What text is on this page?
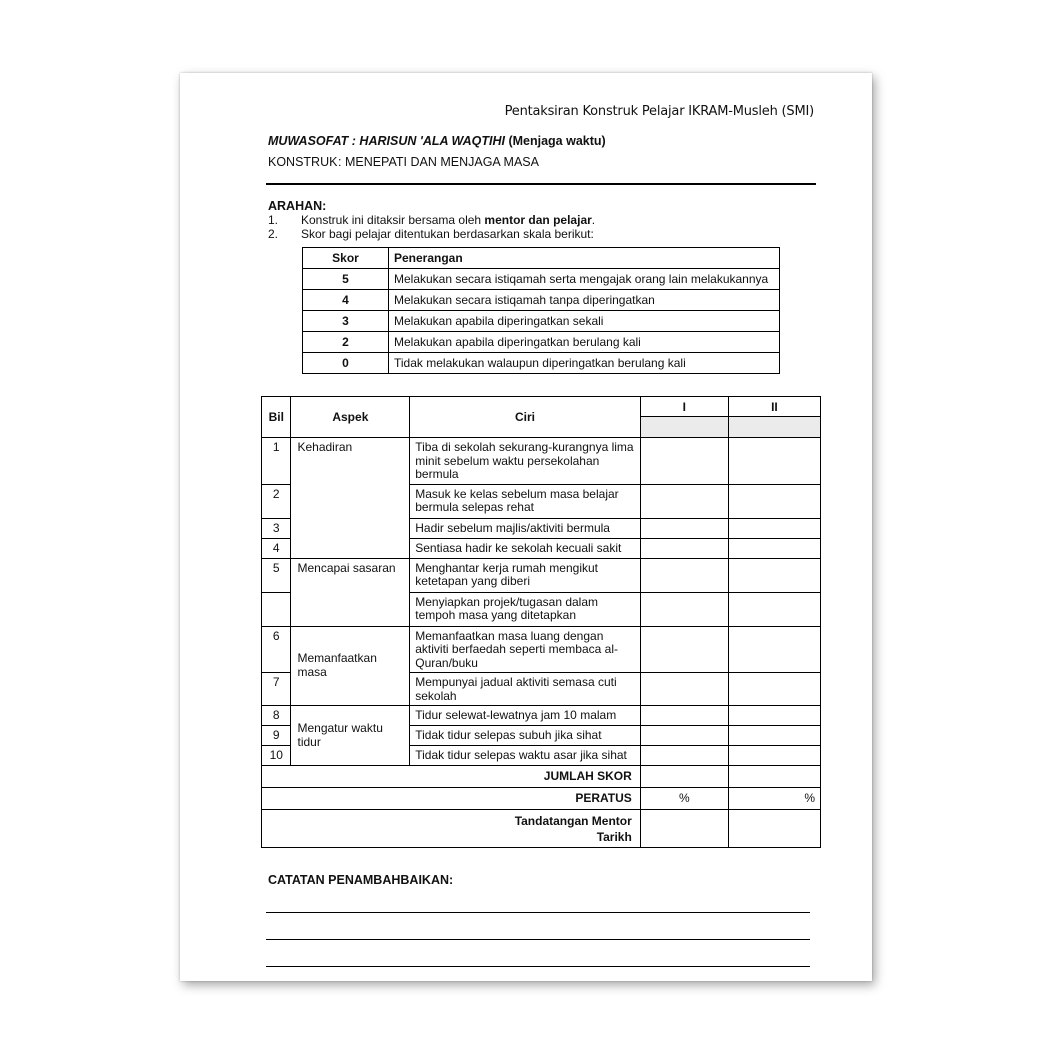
Pentaksiran Konstruk Pelajar IKRAM-Musleh (SMI)
MUWASOFAT : HARISUN 'ALA WAQTIHI (Menjaga waktu)
KONSTRUK: MENEPATI DAN MENJAGA MASA
ARAHAN:
1. Konstruk ini ditaksir bersama oleh mentor dan pelajar.
2. Skor bagi pelajar ditentukan berdasarkan skala berikut:
Skor	Penerangan
5	Melakukan secara istiqamah serta mengajak orang lain melakukannya
4	Melakukan secara istiqamah tanpa diperingatkan
3	Melakukan apabila diperingatkan sekali
2	Melakukan apabila diperingatkan berulang kali
0	Tidak melakukan walaupun diperingatkan berulang kali
Bil	Aspek	Ciri	I	II

1	Kehadiran	Tiba di sekolah sekurang-kurangnya lima minit sebelum waktu persekolahan bermula		
2		Masuk ke kelas sebelum masa belajar bermula selepas rehat		
3		Hadir sebelum majlis/aktiviti bermula		
4		Sentiasa hadir ke sekolah kecuali sakit		
5	Mencapai sasaran	Menghantar kerja rumah mengikut ketetapan yang diberi		
		Menyiapkan projek/tugasan dalam tempoh masa yang ditetapkan		
6	Memanfaatkan masa	Memanfaatkan masa luang dengan aktiviti berfaedah seperti membaca al-Quran/buku		
7		Mempunyai jadual aktiviti semasa cuti sekolah		
8	Mengatur waktu tidur	Tidur selewat-lewatnya jam 10 malam		
9		Tidak tidur selepas subuh jika sihat		
10		Tidak tidur selepas waktu asar jika sihat		
JUMLAH SKOR				
PERATUS			%	%

Tandatangan Mentor
Tarikh				

CATATAN PENAMBAHBAIKAN:
